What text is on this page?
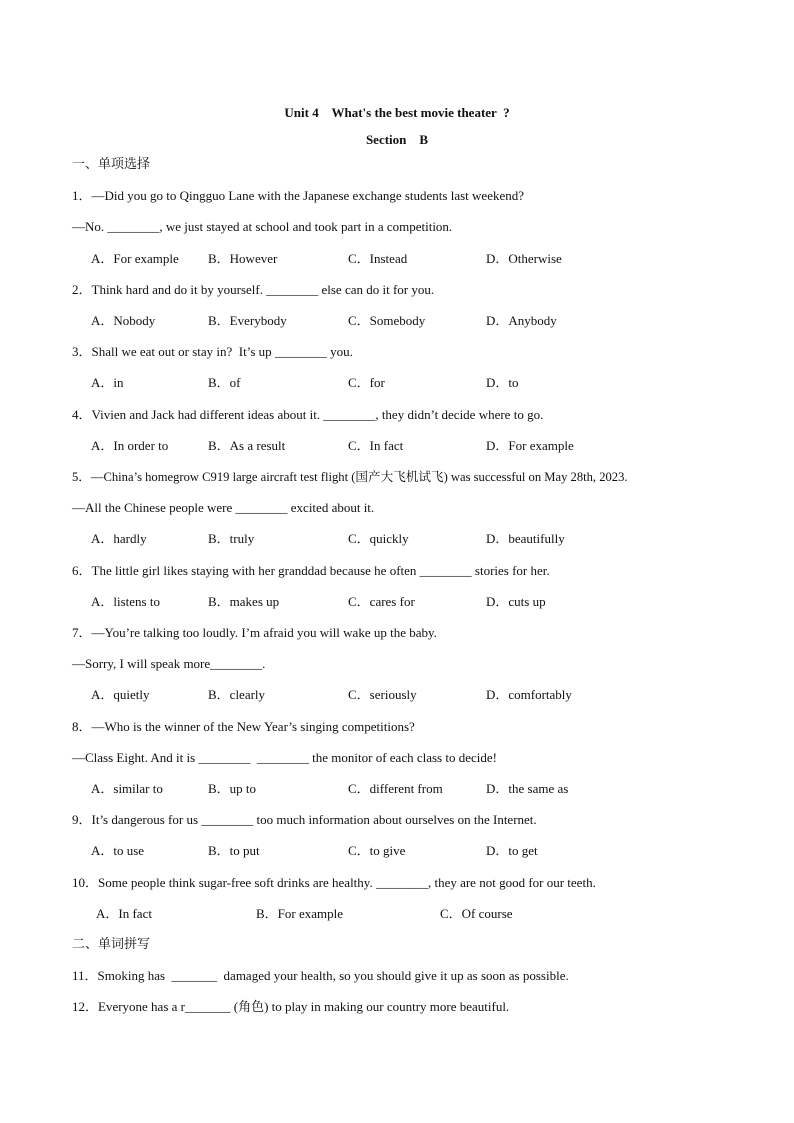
Unit 4    What's the best movie theater  ?
Section    B
一、单项选择
1．—Did you go to Qingguo Lane with the Japanese exchange students last weekend?
—No. ________, we just stayed at school and took part in a competition.
A．For example B．However	C．Instead	D．Otherwise
2．Think hard and do it by yourself. ________ else can do it for you.
A．Nobody	B．Everybody	C．Somebody	D．Anybody
3．Shall we eat out or stay in?  It’s up ________ you.
A．in	B．of	C．for	D．to
4．Vivien and Jack had different ideas about it. ________, they didn’t decide where to go.
A．In order to	B．As a result	C．In fact	D．For example
5．—China’s homegrow C919 large aircraft test flight (国产大飞机试飞) was successful on May 28th, 2023.
—All the Chinese people were ________ excited about it.
A．hardly	B．truly	C．quickly	D．beautifully
6．The little girl likes staying with her granddad because he often ________ stories for her.
A．listens to	B．makes up	C．cares for	D．cuts up
7．—You’re talking too loudly. I’m afraid you will wake up the baby.
—Sorry, I will speak more________.
A．quietly	B．clearly	C．seriously	D．comfortably
8．—Who is the winner of the New Year’s singing competitions?
—Class Eight. And it is ________  ________ the monitor of each class to decide!
A．similar to	B．up to	C．different from	D．the same as
9．It’s dangerous for us ________ too much information about ourselves on the Internet.
A．to use	B．to put	C．to give	D．to get
10．Some people think sugar-free soft drinks are healthy. ________, they are not good for our teeth.
A．In fact	B．For example	C．Of course
二、单词拼写
11．Smoking has  _______  damaged your health, so you should give it up as soon as possible.
12．Everyone has a r_______ (角色) to play in making our country more beautiful.
